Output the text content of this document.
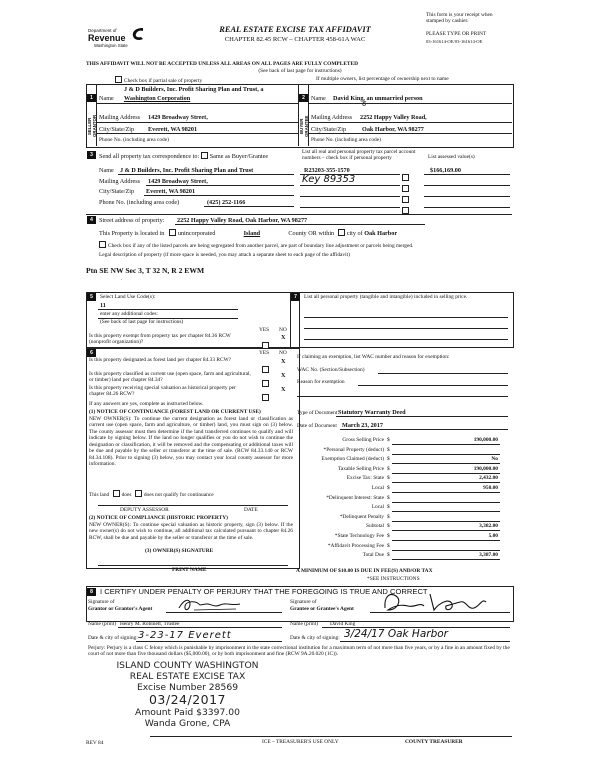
Department of
Revenue
Washington State
REAL ESTATE EXCISE TAX AFFIDAVIT
CHAPTER 82.45 RCW – CHAPTER 458-61A WAC
This form is your receipt when stamped by cashier.
PLEASE TYPE OR PRINT
03-161614-OE/03-161614-OE
THIS AFFIDAVIT WILL NOT BE ACCEPTED UNLESS ALL AREAS ON ALL PAGES ARE FULLY COMPLETED
(See back of last page for instructions)
Check box if partial sale of property	If multiple owners, list percentage of ownership next to name
SELLER GRANTOR	BUYER GRANTEE
1
J & D Builders, Inc. Profit Sharing Plan and Trust, a
Name Washington Corporation
Mailing Address 1429 Broadway Street,
City/State/Zip Everett, WA 98201
Phone No. (including area code)
2 Name David King, an unmarried person
6
Mailing Address 2252 Happy Valley Road,
City/State/Zip	Oak Harbor, WA 98277
Phone No. (including area code)
3 Send all property tax correspondence to: Same as Buyer/Grantee
Name J & D Builders, Inc. Profit Sharing Plan and Trust
Mailing Address 1429 Broadway Street,
City/State/Zip Everett, WA 98201
Phone No. (including area code)	(425) 252-1166
List all real and personal property tax parcel account numbers – check box if personal property	List assessed value(s)
R23203-355-1570
Key 89353
$166,169.00
4 Street address of property: 2252 Happy Valley Road, Oak Harbor, WA 98277
This Property is located in unincorporated	Island	County OR within city of Oak Harbor
Check box if any of the listed parcels are being segregated from another parcel, are part of boundary line adjustment or parcels being merged.
Legal description of property (if more space is needed, you may attach a separate sheet to each page of the affidavit)
Ptn SE NW Sec 3, T 32 N, R 2 EWM
.
5	Select Land Use Code(s):
11
enter any additional codes:
(See back of last page for instructions)
YES NO
Is this property exempt from property tax per chapter 84.36 RCW (nonprofit organization)?
X
6	YES NO
Is this property designated as forest land per chapter 84.33 RCW?	X
Is this property classified as current use (open space, farm and agricultural, or timber) land per chapter 84.34?
X
Is this property receiving special valuation as historical property per chapter 84.26 RCW?
X
If any answers are yes, complete as instructed below.
(1) NOTICE OF CONTINUANCE (FOREST LAND OR CURRENT USE)
NEW OWNER(S): To continue the current designation as forest land or classification as current use (open space, farm and agriculture, or timber) land, you must sign on (3) below. The county assessor must then determine if the land transferred continues to qualify and will indicate by signing below. If the land no longer qualifies or you do not wish to continue the designation or classification, it will be removed and the compensating or additional taxes will be due and payable by the seller or transferor at the time of sale. (RCW 84.33.140 or RCW 84.34.108). Prior to signing (3) below, you may contact your local county assessor for more information.
This land does does not qualify for continuance
DEPUTY ASSESSOR	DATE
(2) NOTICE OF COMPLIANCE (HISTORIC PROPERTY)
NEW OWNER(S): To continue special valuation as historic property, sign (3) below. If the new owner(s) do not wish to continue, all additional tax calculated pursuant to chapter 84.26 RCW, shall be due and payable by the seller or transferor at the time of sale.
(3) OWNER(S) SIGNATURE
PRINT NAME
7	List all personal property (tangible and intangible) included in selling price.
If claiming an exemption, list WAC number and reason for exemption:
WAC No. (Section/Subsection)
Reason for exemption
Type of Document Statutory Warranty Deed
Date of Document March 23, 2017
Gross Selling Price $	190,000.00
*Personal Property (deduct) $
Exemption Claimed (deduct) $	No
Taxable Selling Price $	190,000.00
Excise Tax: State $	2,432.00
Local $	950.00
*Delinquent Interest: State $
Local $
*Delinquent Penalty $
Subtotal $	3,382.00
*State Technology Fee $	5.00
*Affidavit Processing Fee $
Total Due $	3,387.00
A MINIMUM OF $10.00 IS DUE IN FEE(S) AND/OR TAX
*SEE INSTRUCTIONS
8 I CERTIFY UNDER PENALTY OF PERJURY THAT THE FOREGOING IS TRUE AND CORRECT
Signature of
Grantor or Grantor's Agent
Signature of
Grantee or Grantee's Agent
Name (print) Henry M. Robinett, Trustee	Name (print) David King
Date & city of signing: 3-23-17 Everett	Date & city of signing: 3/24/17 Oak Harbor
Perjury: Perjury is a class C felony which is punishable by imprisonment in the state correctional institution for a maximum term of not more than five years, or by a fine in an amount fixed by the court of not more than five thousand dollars ($5,000.00), or by both imprisonment and fine (RCW 9A.20.020 (1C)).
ISLAND COUNTY WASHINGTON
REAL ESTATE EXCISE TAX
Excise Number 28569
03/24/2017
Amount Paid $3397.00
Wanda Grone, CPA
REV 84	ICE – TREASURER'S USE ONLY	COUNTY TREASURER
